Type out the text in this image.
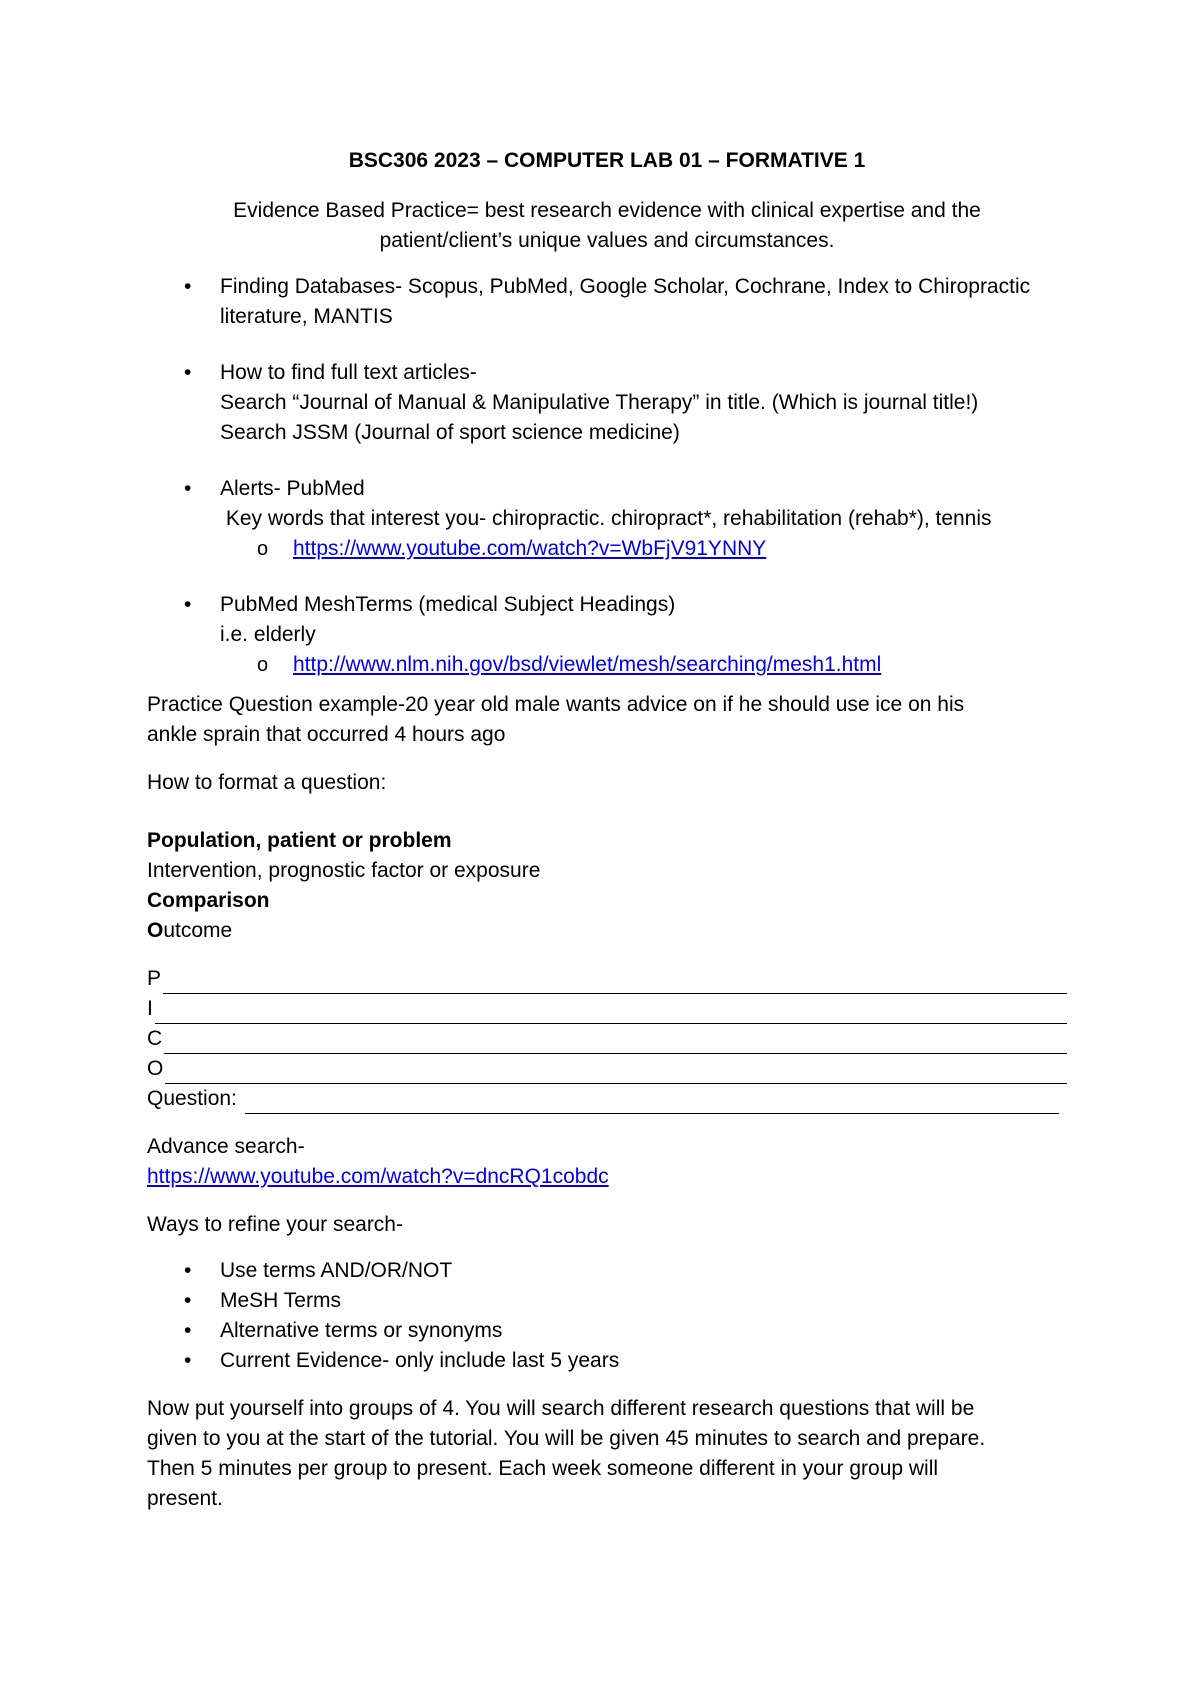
BSC306 2023 – COMPUTER LAB 01 – FORMATIVE 1

Evidence Based Practice= best research evidence with clinical expertise and the

patient/client’s unique values and circumstances.

• Finding Databases- Scopus, PubMed, Google Scholar, Cochrane, Index to Chiropractic

literature, MANTIS

• How to find full text articles-

Search “Journal of Manual & Manipulative Therapy” in title. (Which is journal title!)

Search JSSM (Journal of sport science medicine)

• Alerts- PubMed

Key words that interest you- chiropractic. chiropract*, rehabilitation (rehab*), tennis

o https://www.youtube.com/watch?v=WbFjV91YNNY
• PubMed MeshTerms (medical Subject Headings)

i.e. elderly

o http://www.nlm.nih.gov/bsd/viewlet/mesh/searching/mesh1.html

Practice Question example-20 year old male wants advice on if he should use ice on his

ankle sprain that occurred 4 hours ago

How to format a question:

Population, patient or problem

Intervention, prognostic factor or exposure

Comparison

Outcome

P
I
C
O
Question:

Advance search-

https://www.youtube.com/watch?v=dncRQ1cobdc

Ways to refine your search-

• Use terms AND/OR/NOT
• MeSH Terms
• Alternative terms or synonyms
• Current Evidence- only include last 5 years

Now put yourself into groups of 4. You will search different research questions that will be

given to you at the start of the tutorial. You will be given 45 minutes to search and prepare.

Then 5 minutes per group to present. Each week someone different in your group will

present.
